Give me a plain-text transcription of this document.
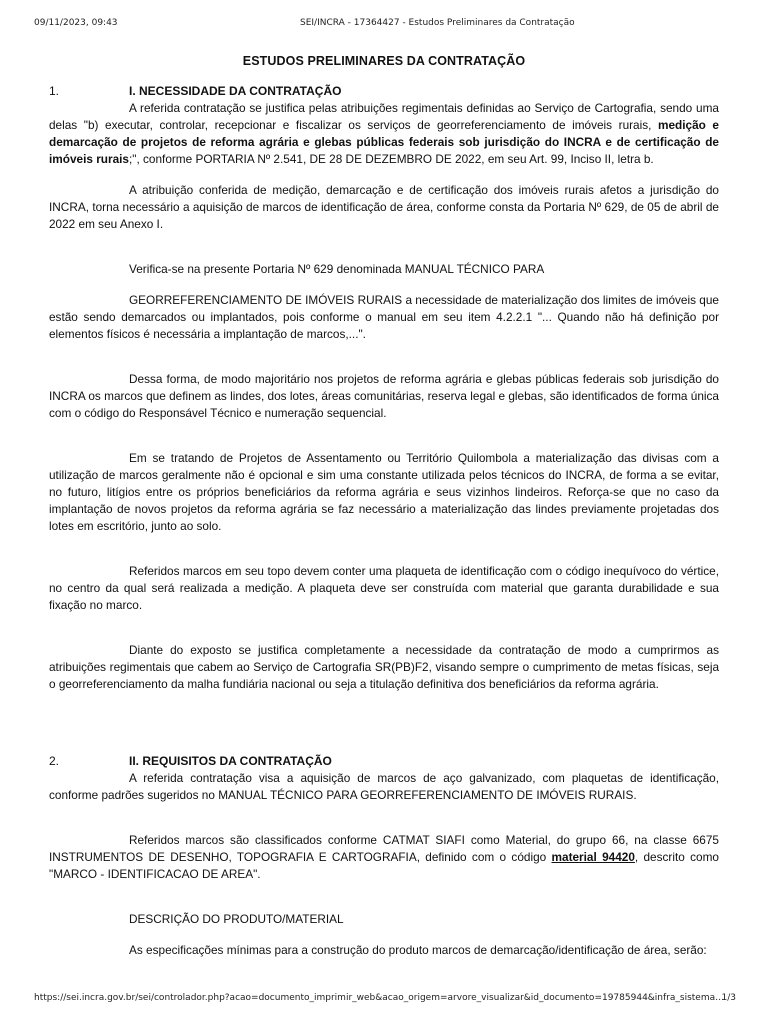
09/11/2023, 09:43	SEI/INCRA - 17364427 - Estudos Preliminares da Contratação
ESTUDOS PRELIMINARES DA CONTRATAÇÃO
1.	I. NECESSIDADE DA CONTRATAÇÃO

A referida contratação se justifica pelas atribuições regimentais definidas ao Serviço de Cartografia, sendo uma delas "b) executar, controlar, recepcionar e fiscalizar os serviços de georreferenciamento de imóveis rurais, medição e demarcação de projetos de reforma agrária e glebas públicas federais sob jurisdição do INCRA e de certificação de imóveis rurais;", conforme PORTARIA Nº 2.541, DE 28 DE DEZEMBRO DE 2022, em seu Art. 99, Inciso II, letra b.

A atribuição conferida de medição, demarcação e de certificação dos imóveis rurais afetos a jurisdição do INCRA, torna necessário a aquisição de marcos de identificação de área, conforme consta da Portaria Nº 629, de 05 de abril de 2022 em seu Anexo I.

Verifica-se na presente Portaria Nº 629 denominada MANUAL TÉCNICO PARA

GEORREFERENCIAMENTO DE IMÓVEIS RURAIS a necessidade de materialização dos limites de imóveis que estão sendo demarcados ou implantados, pois conforme o manual em seu item 4.2.2.1 "... Quando não há definição por elementos físicos é necessária a implantação de marcos,...".

Dessa forma, de modo majoritário nos projetos de reforma agrária e glebas públicas federais sob jurisdição do INCRA os marcos que definem as lindes, dos lotes, áreas comunitárias, reserva legal e glebas, são identificados de forma única com o código do Responsável Técnico e numeração sequencial.

Em se tratando de Projetos de Assentamento ou Território Quilombola a materialização das divisas com a utilização de marcos geralmente não é opcional e sim uma constante utilizada pelos técnicos do INCRA, de forma a se evitar, no futuro, litígios entre os próprios beneficiários da reforma agrária e seus vizinhos lindeiros. Reforça-se que no caso da implantação de novos projetos da reforma agrária se faz necessário a materialização das lindes previamente projetadas dos lotes em escritório, junto ao solo.

Referidos marcos em seu topo devem conter uma plaqueta de identificação com o código inequívoco do vértice, no centro da qual será realizada a medição. A plaqueta deve ser construída com material que garanta durabilidade e sua fixação no marco.

Diante do exposto se justifica completamente a necessidade da contratação de modo a cumprirmos as atribuições regimentais que cabem ao Serviço de Cartografia SR(PB)F2, visando sempre o cumprimento de metas físicas, seja o georreferenciamento da malha fundiária nacional ou seja a titulação definitiva dos beneficiários da reforma agrária.

2.	II. REQUISITOS DA CONTRATAÇÃO

A referida contratação visa a aquisição de marcos de aço galvanizado, com plaquetas de identificação, conforme padrões sugeridos no MANUAL TÉCNICO PARA GEORREFERENCIAMENTO DE IMÓVEIS RURAIS.

Referidos marcos são classificados conforme CATMAT SIAFI como Material, do grupo 66, na classe 6675 INSTRUMENTOS DE DESENHO, TOPOGRAFIA E CARTOGRAFIA, definido com o código material 94420, descrito como "MARCO - IDENTIFICACAO DE AREA".

DESCRIÇÃO DO PRODUTO/MATERIAL

As especificações mínimas para a construção do produto marcos de demarcação/identificação de área, serão:

https://sei.incra.gov.br/sei/controlador.php?acao=documento_imprimir_web&acao_origem=arvore_visualizar&id_documento=19785944&infra_sistema…
1/3
